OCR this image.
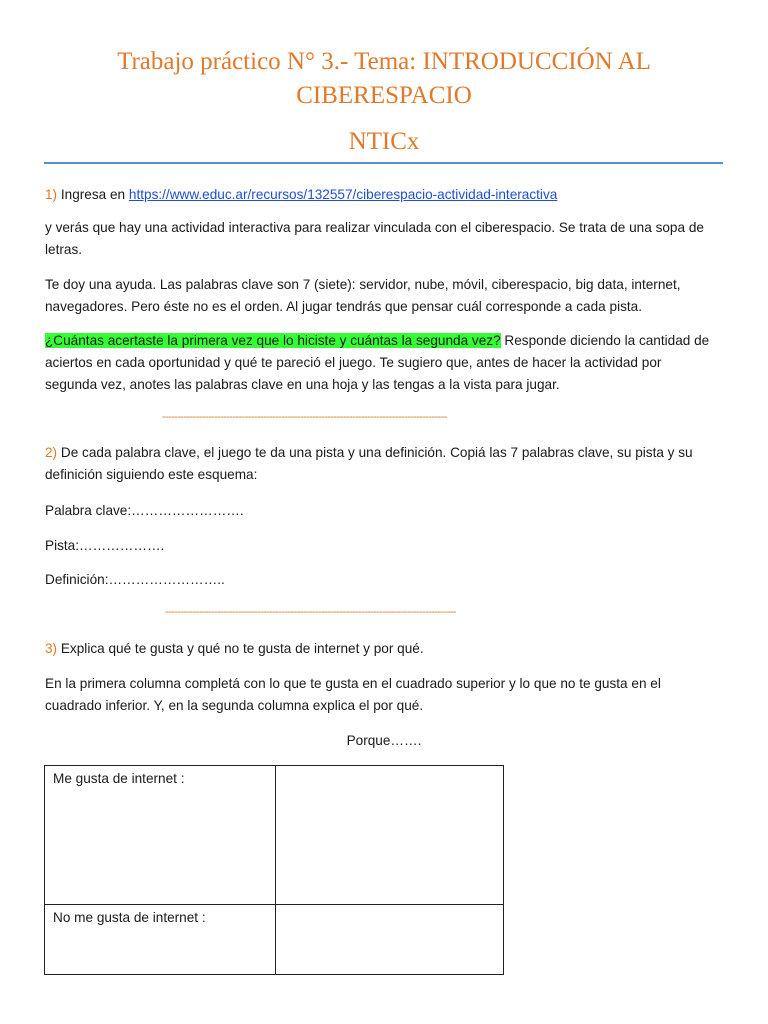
Trabajo práctico N° 3.- Tema: INTRODUCCIÓN AL
CIBERESPACIO
NTICx
1) Ingresa en https://www.educ.ar/recursos/132557/ciberespacio-actividad-interactiva
y verás que hay una actividad interactiva para realizar vinculada con el ciberespacio. Se trata de una sopa de letras.
Te doy una ayuda. Las palabras clave son 7 (siete): servidor, nube, móvil, ciberespacio, big data, internet, navegadores. Pero éste no es el orden. Al jugar tendrás que pensar cuál corresponde a cada pista.
¿Cuántas acertaste la primera vez que lo hiciste y cuántas la segunda vez? Responde diciendo la cantidad de aciertos en cada oportunidad y qué te pareció el juego. Te sugiero que, antes de hacer la actividad por segunda vez, anotes las palabras clave en una hoja y las tengas a la vista para jugar.
---------------------------------------------------------------------------------------------
2) De cada palabra clave, el juego te da una pista y una definición. Copiá las 7 palabras clave, su pista y su definición siguiendo este esquema:
Palabra clave:…………………….
Pista:……………….
Definición:……………………..
-----------------------------------------------------------------------------------------------
3) Explica qué te gusta y qué no te gusta de internet y por qué.
En la primera columna completá con lo que te gusta en el cuadrado superior y lo que no te gusta en el cuadrado inferior. Y, en la segunda columna explica el por qué.
Porque…….
Me gusta de internet :	
No me gusta de internet :	
